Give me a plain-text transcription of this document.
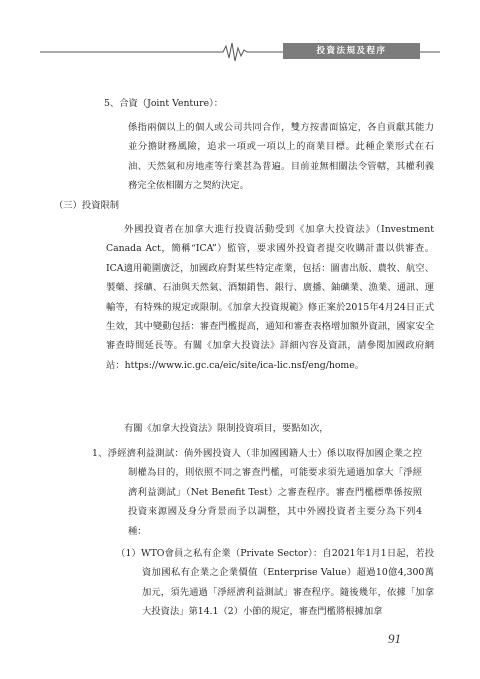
投資法規及程序
5、合資（Joint Venture）：
係指兩個以上的個人或公司共同合作，雙方按書面協定，各自貢獻其能力並分擔財務風險，追求一項或一項以上的商業目標。此種企業形式在石油、天然氣和房地產等行業甚為普遍。目前並無相關法令管轄，其權利義務完全依相關方之契約決定。
（三）投資限制
外國投資者在加拿大進行投資活動受到《加拿大投資法》（Investment Canada Act，簡稱“ICA”）監管，要求國外投資者提交收購計畫以供審查。ICA適用範圍廣泛，加國政府對某些特定產業，包括：圖書出版、農牧、航空、製藥、採礦、石油與天然氣、酒類銷售、銀行、廣播、鈾礦業、漁業、通訊、運輸等，有特殊的規定或限制。《加拿大投資規範》修正案於2015年4月24日正式生效，其中變動包括：審查門檻提高，通知和審查表格增加額外資訊，國家安全審查時間延長等。有關《加拿大投資法》詳細內容及資訊，請參閱加國政府網站：https://www.ic.gc.ca/eic/site/ica-lic.nsf/eng/home。
有關《加拿大投資法》限制投資項目，要點如次，
1、淨經濟利益測試：倘外國投資人（非加國國籍人士）係以取得加國企業之控制權為目的，則依照不同之審查門檻，可能要求須先通過加拿大「淨經濟利益測試」（Net Benefit Test）之審查程序。審查門檻標準係按照投資來源國及身分背景而予以調整，其中外國投資者主要分為下列4種：
（1）WTO會員之私有企業（Private Sector）：自2021年1月1日起，若投資加國私有企業之企業價值（Enterprise Value）超過10億4,300萬加元，須先通過「淨經濟利益測試」審查程序。隨後幾年，依據「加拿大投資法」第14.1（2）小節的規定，審查門檻將根據加拿
91
